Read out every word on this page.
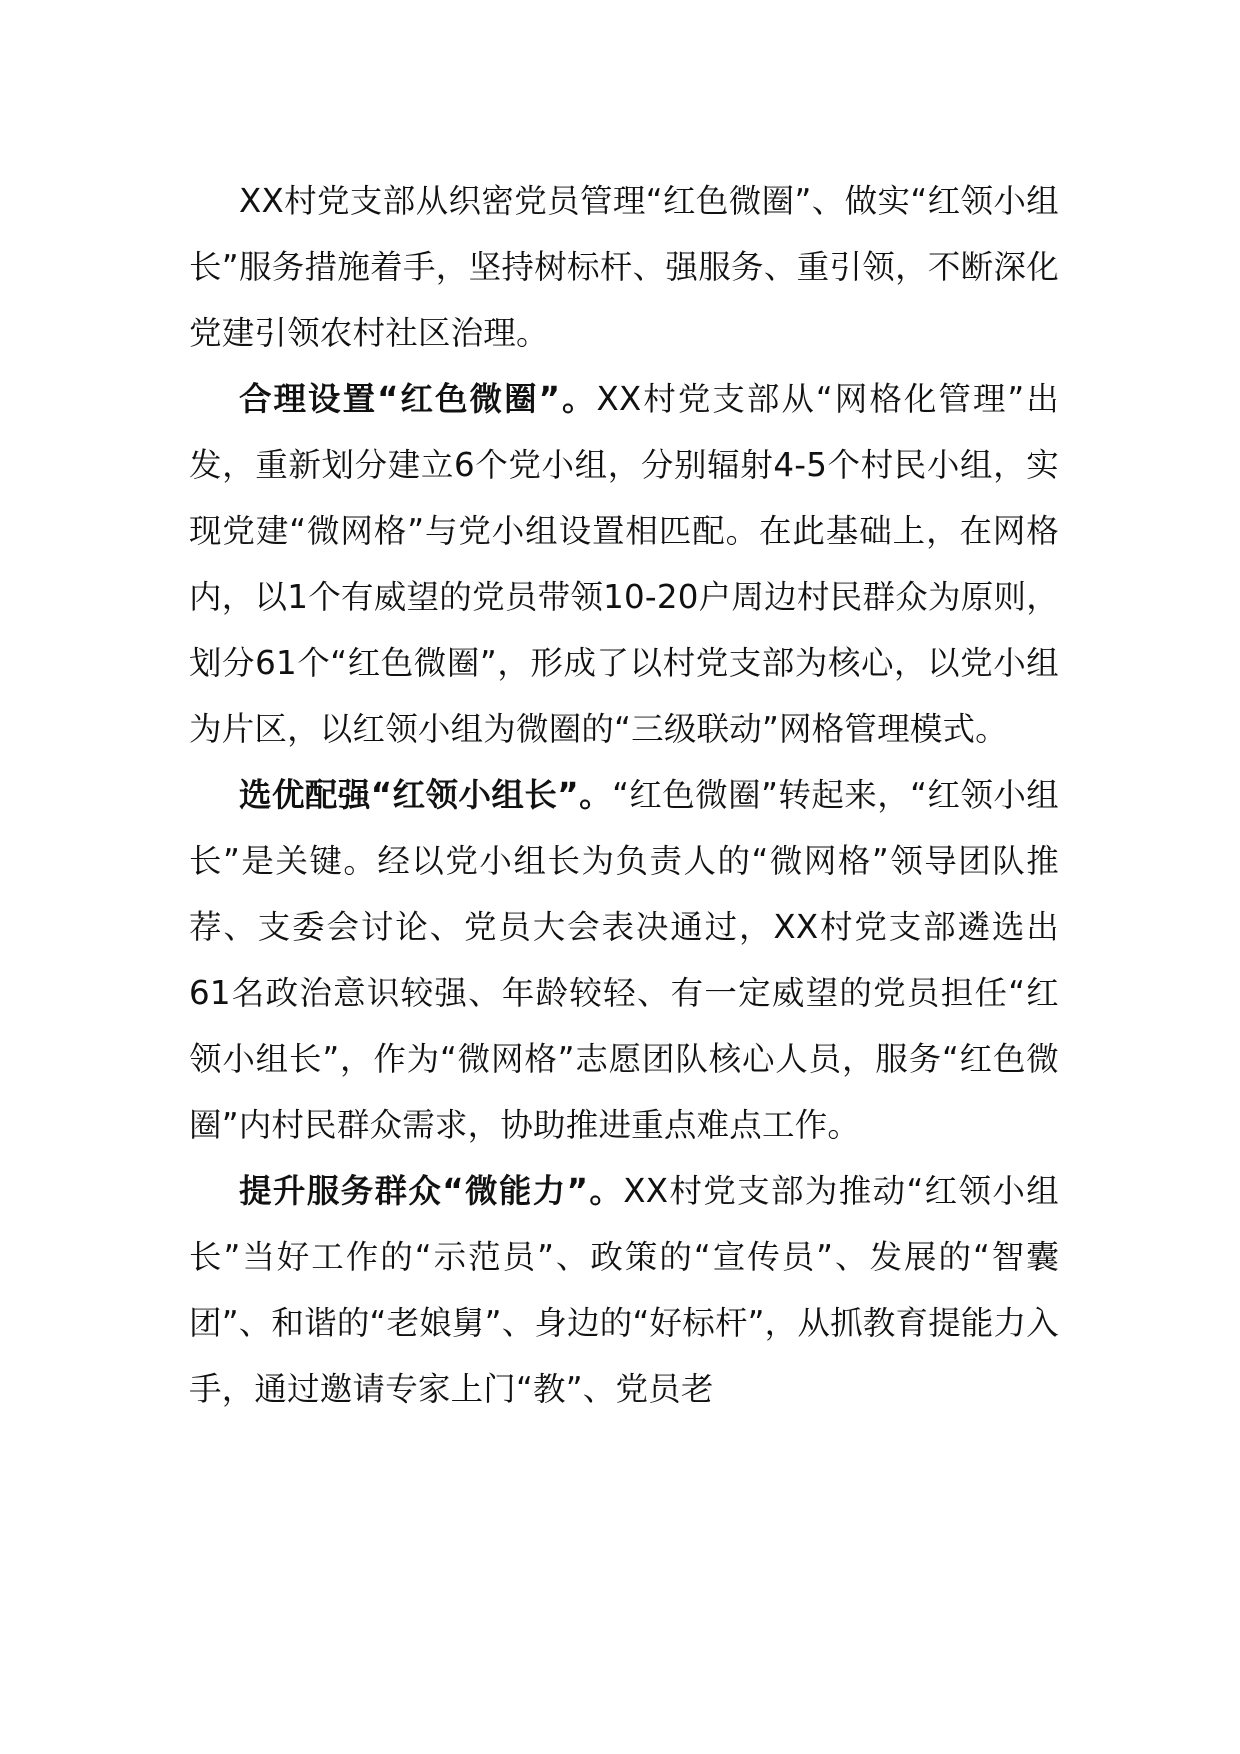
XX村党支部从织密党员管理“红色微圈”、做实“红领小组长”服务措施着手，坚持树标杆、强服务、重引领，不断深化党建引领农村社区治理。

合理设置“红色微圈”。XX村党支部从“网格化管理”出发，重新划分建立6个党小组，分别辐射4-5个村民小组，实现党建“微网格”与党小组设置相匹配。在此基础上，在网格内，以1个有威望的党员带领10-20户周边村民群众为原则，划分61个“红色微圈”，形成了以村党支部为核心，以党小组为片区，以红领小组为微圈的“三级联动”网格管理模式。

选优配强“红领小组长”。“红色微圈”转起来，“红领小组长”是关键。经以党小组长为负责人的“微网格”领导团队推荐、支委会讨论、党员大会表决通过，XX村党支部遴选出61名政治意识较强、年龄较轻、有一定威望的党员担任“红领小组长”，作为“微网格”志愿团队核心人员，服务“红色微圈”内村民群众需求，协助推进重点难点工作。

提升服务群众“微能力”。XX村党支部为推动“红领小组长”当好工作的“示范员”、政策的“宣传员”、发展的“智囊团”、和谐的“老娘舅”、身边的“好标杆”，从抓教育提能力入手，通过邀请专家上门“教”、党员老
